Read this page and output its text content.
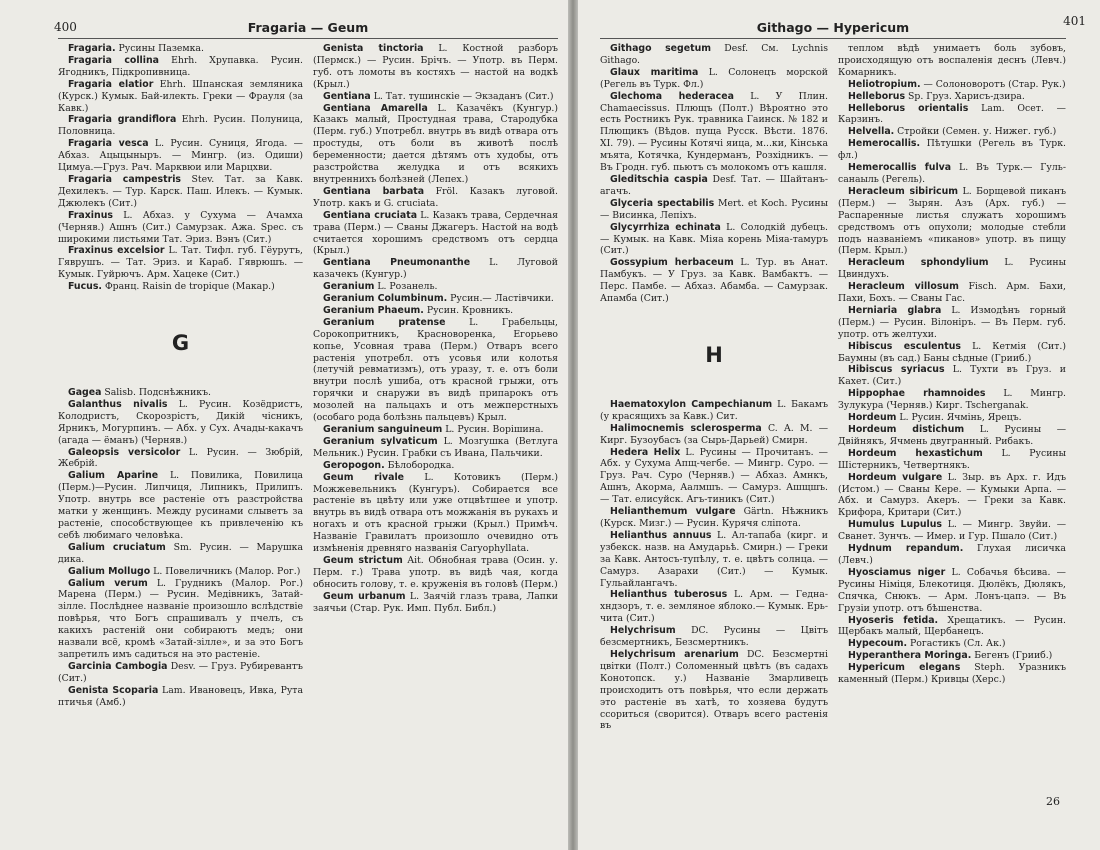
400	Fragaria — Geum

Fragaria. Русины Паземка.

Fragaria collina Ehrh. Хрупавка. Русин. Ягодникъ, Підкропивница.

Fragaria elatior Ehrh. Шпанская земляника (Курск.) Кумык. Бай-илекть. Греки — Фрауля (за Кавк.)

Fragaria grandiflora Ehrh. Русин. Полуница, Половница.

Fragaria vesca L. Русин. Суниця, Ягода. — Абхаз. Ацыцыныръ. — Мингр. (из. Одиши) Цимуа.—Груз. Рач. Марквюи или Марцхви.

Fragaria campestris Stev. Тат. за Кавк. Дехилекъ. — Тур. Карск. Паш. Илекъ. — Кумык. Джюлекъ (Сит.)

Fraxinus L. Абхаз. у Сухума — Ачамха (Черняв.) Ашнъ (Сит.) Самурзак. Ажа. Spec. съ широкими листьями Тат. Эриз. Вэнъ (Сит.)

Fraxinus excelsior L. Тат. Тифл. губ. Гёурутъ, Гяврушъ. — Тат. Эриз. и Караб. Гяврюшъ. — Кумык. Гуйрючъ. Арм. Хацеке (Сит.)

Fucus. Франц. Raisin de tropique (Макар.)

G

Gagea Salisb. Подснѣжникъ.

Galanthus nivalis L. Русин. Козёдристъ, Колодристъ, Скорозрістъ, Дикій чісникъ, Ярникъ, Могурпинъ. — Абх. у Сух. Ачады-какачъ (агада — ёманъ) (Черняв.)

Galeopsis versicolor L. Русин. — Зюбрій, Жебрій.

Galium Aparine L. Повилика, Повилица (Перм.)—Русин. Липчиця, Липникъ, Прилипъ. Употр. внутрь все растеніе отъ разстройства матки у женщинъ. Между русинами слыветъ за растеніе, способствующее къ привлеченію къ себѣ любимаго человѣка.

Galium cruciatum Sm. Русин. — Марушка дика.

Galium Mollugo L. Повеличникъ (Малор. Рог.)

Galium verum L. Грудникъ (Малор. Рог.) Марена (Перм.) — Русин. Медівникъ, Затай-зілле. Послѣднее названіе произошло вслѣдствіе повѣрья, что Богъ спрашивалъ у пчелъ, съ какихъ растеній они собираютъ медъ; они назвали всё, кромѣ «Затай-зілле», и за это Богъ запретилъ имъ садиться на это растеніе.

Garcinia Cambogia Desv. — Груз. Рубиревантъ (Сит.)

Genista Scoparia Lam. Ивановецъ, Ивка, Рута птичья (Амб.)

Genista tinctoria L. Костной разборъ (Пермск.) — Русин. Брічъ. — Употр. въ Перм. губ. отъ ломоты въ костяхъ — настой на водкѣ (Крыл.)

Gentiana L. Тат. тушинскіе — Экзаданъ (Сит.)

Gentiana Amarella L. Казачёкъ (Кунгур.) Казакъ малый, Простудная трава, Стародубка (Перм. губ.) Употребл. внутрь въ видѣ отвара отъ простуды, отъ боли въ животѣ послѣ беременности; дается дѣтямъ отъ худобы, отъ разстройства желудка и отъ всякихъ внутреннихъ болѣзней (Лепех.)

Gentiana barbata Fröl. Казакъ луговой. Употр. какъ и G. cruciata.

Gentiana cruciata L. Казакъ трава, Сердечная трава (Перм.) — Сваны Джагеръ. Настой на водѣ считается хорошимъ средствомъ отъ сердца (Крыл.)

Gentiana Pneumonanthe L. Луговой казачекъ (Кунгур.)

Geranium L. Розанель.

Geranium Columbinum. Русин.— Ластівчики.

Geranium Phaeum. Русин. Кровникъ.

Geranium pratense	L. Грабельцы, Сорокопритникъ, Красноворенка, Егорьево копье, Усовная трава (Перм.) Отваръ всего растенія употребл. отъ усовья или колотья (летучій ревматизмъ), отъ уразу, т. е. отъ боли внутри послѣ ушиба, отъ красной грыжи, отъ горячки и снаружи въ видѣ припарокъ отъ мозолей на пальцахъ и отъ межперстныхъ (особаго рода болѣзнь пальцевъ) Крыл.

Geranium sanguineum L. Русин. Ворішина.

Geranium sylvaticum L. Мозгушка (Ветлуга Мельник.) Русин. Грабки съ Ивана, Пальчики.

Geropogon. Бѣлобородка.

Geum rivale L. Котовикъ (Перм.) Можжевельникъ (Кунгуръ). Собирается все растеніе въ цвѣту или уже отцвѣтшее и употр. внутрь въ видѣ отвара отъ можжанія въ рукахъ и ногахъ и отъ красной грыжи (Крыл.) Примѣч. Названіе Гравилатъ произошло очевидно отъ измѣненія древняго названія Caryophyllata.

Geum strictum Ait. Обнобная трава (Осин. у. Перм. г.) Трава употр. въ видѣ чая, когда обносить голову, т. е. круженія въ головѣ (Перм.)

Geum urbanum L. Заячій глазъ трава, Лапки заячьи (Стар. Рук. Имп. Публ. Библ.)

Githago — Hypericum	401

Githago segetum Desf. См. Lychnis Githago.

Glaux maritima L. Солонецъ морской (Регель въ Турк. Фл.)

Glechoma hederacea L. У Плин. Chamaecissus. Плющъ (Полт.) Вѣроятно это есть Ростникъ Рук. травника Гаинск. № 182 и Плющикъ (Вѣдов. пуща Русск. Вѣсти. 1876. XI. 79). — Русины Котячі яица, м...ки, Кінська мъята, Котячка, Кундерманъ, Розхідникъ. — Въ Гродн. губ. пьютъ съ молокомъ отъ кашля.

Gleditschia caspia Desf. Тат. — Шайтанъ-агачъ.

Glyceria spectabilis Mert. et Koch. Русины — Висинка, Лепіхъ.

Glycyrrhiza echinata L. Солодкій дубецъ. — Кумык. на Кавк. Міяа корень Міяа-тамуръ (Сит.)

Gossypium herbaceum L. Тур. въ Анат. Памбукъ. — У Груз. за Кавк. Вамбактъ. — Перс. Памбе. — Абхаз. Абамба. — Самурзак. Апамба (Сит.)

H

Haematoxylon Campechianum L. Бакамъ (у красящихъ за Кавк.) Сит.

Halimocnemis sclerosperma C. A. M. — Кирг. Бузоубасъ (за Сырь-Дарьей) Смирн.

Hedera Helix L. Русины — Прочитанъ. — Абх. у Сухума Апщ-чегбе. — Мингр. Сурo. — Груз. Рач. Суро (Черняв.) — Абхаз. Амнкъ, Ашнъ, Акорма, Аалмшъ. — Самурз. Ашщшъ. — Тат. елисуйск. Агъ-тиникъ (Сит.)

Helianthemum vulgare Gärtn. Нѣжникъ (Курск. Мизг.) — Русин. Курячя сліпота.

Helianthus annuus L. Ал-тапаба (кирг. и узбекск. назв. на Амударьѣ. Смирн.) — Греки за Кавк. Антосъ-тупѣлу, т. е. цвѣтъ солнца. — Самурз. Азарахи (Сит.) — Кумык. Гульайлангачъ.

Helianthus tuberosus L. Арм. — Гедна-хндзоръ, т. е. земляное яблоко.— Кумык. Ерь-чита (Сит.)

Helychrisum DC. Русины — Цвітъ безсмертникъ, Безсмертникъ.

Helychrisum arenarium DC. Безсмертні цвітки (Полт.) Соломенный цвѣтъ (въ садахъ Конотопск. у.) Названіе Змарливецъ происходитъ отъ повѣрья, что если держать это растеніе въ хатѣ, то хозяева будутъ ссориться (сворится). Отваръ всего растенія въ

теплом вѣдѣ унимаетъ боль зубовъ, происходящую отъ воспаленія деснъ (Левч.) Комарникъ.

Heliotropium. — Солоноворотъ (Стар. Рук.)

Helleborus Sp. Груз. Харисъ-дзира.

Helleborus orientalis Lam. Осет. — Карзинъ.

Helvella. Стройки (Семен. у. Нижег. губ.)

Hemerocallis. Пѣтушки (Регель въ Турк. фл.)

Hemerocallis fulva L. Въ Турк.— Гуль-санаыль (Регель).

Heracleum sibiricum L. Борщевой пиканъ (Перм.) — Зырян. Азъ (Арх. губ.) — Распаренные листья служатъ хорошимъ средствомъ отъ опухоли; молодые стебли подъ названіемъ «пиканов» употр. въ пищу (Перм. Крыл.)

Heracleum sphondylium L. Русины Цвиндухъ.

Heracleum villosum Fisch. Арм. Бахи, Пахи, Бохъ. — Сваны Гас.

Herniaria glabra L. Измодѣнъ горный (Перм.) — Русин. Вілоніръ. — Въ Перм. губ. употр. отъ желтухи.

Hibiscus esculentus L. Кетмія (Сит.) Баумны (въ сад.) Баны сѣдные (Грииб.)

Hibiscus syriacus L. Тухти въ Груз. и Кахет. (Сит.)

Hippophae rhamnoides L. Мингр. Зулукура (Черняв.) Кирг. Tscherganak.

Hordeum L. Русин. Ячмінь, Ярецъ.

Hordeum distichum L. Русины — Двійнякъ, Ячмень двугранный. Рибакъ.

Hordeum hexastichum L. Русины Шістерникъ, Четвертнякъ.

Hordeum vulgare L. Зыр. въ Арх. г. Идъ (Истом.) — Сваны Кере. — Кумыки Арпа. — Абх. и Самурз. Акеръ. — Греки за Кавк. Крифора, Критари (Сит.)

Humulus Lupulus L. — Мингр. Звуйи. — Сванет. Зунчъ. — Имер. и Гур. Пшало (Сит.)

Hydnum repandum. Глухая лисичка (Левч.)

Hyosciamus niger L. Собачья бѣсива. — Русины Німіця, Блекотиця. Дюлёкъ, Дюлякъ, Спячка, Снюкъ. — Арм. Лонъ-цапэ. — Въ Грузіи употр. отъ бѣшенства.

Hyoseris fetida. Хрещатикъ. — Русин. Щербакъ малый, Щербанецъ.

Hypecoum. Рогастикъ (Сл. Ак.)

Hyperanthera Moringa. Бегенъ (Грииб.)

Hypericum elegans Steph. Уразникъ каменный (Перм.) Кривцы (Херс.)

26
